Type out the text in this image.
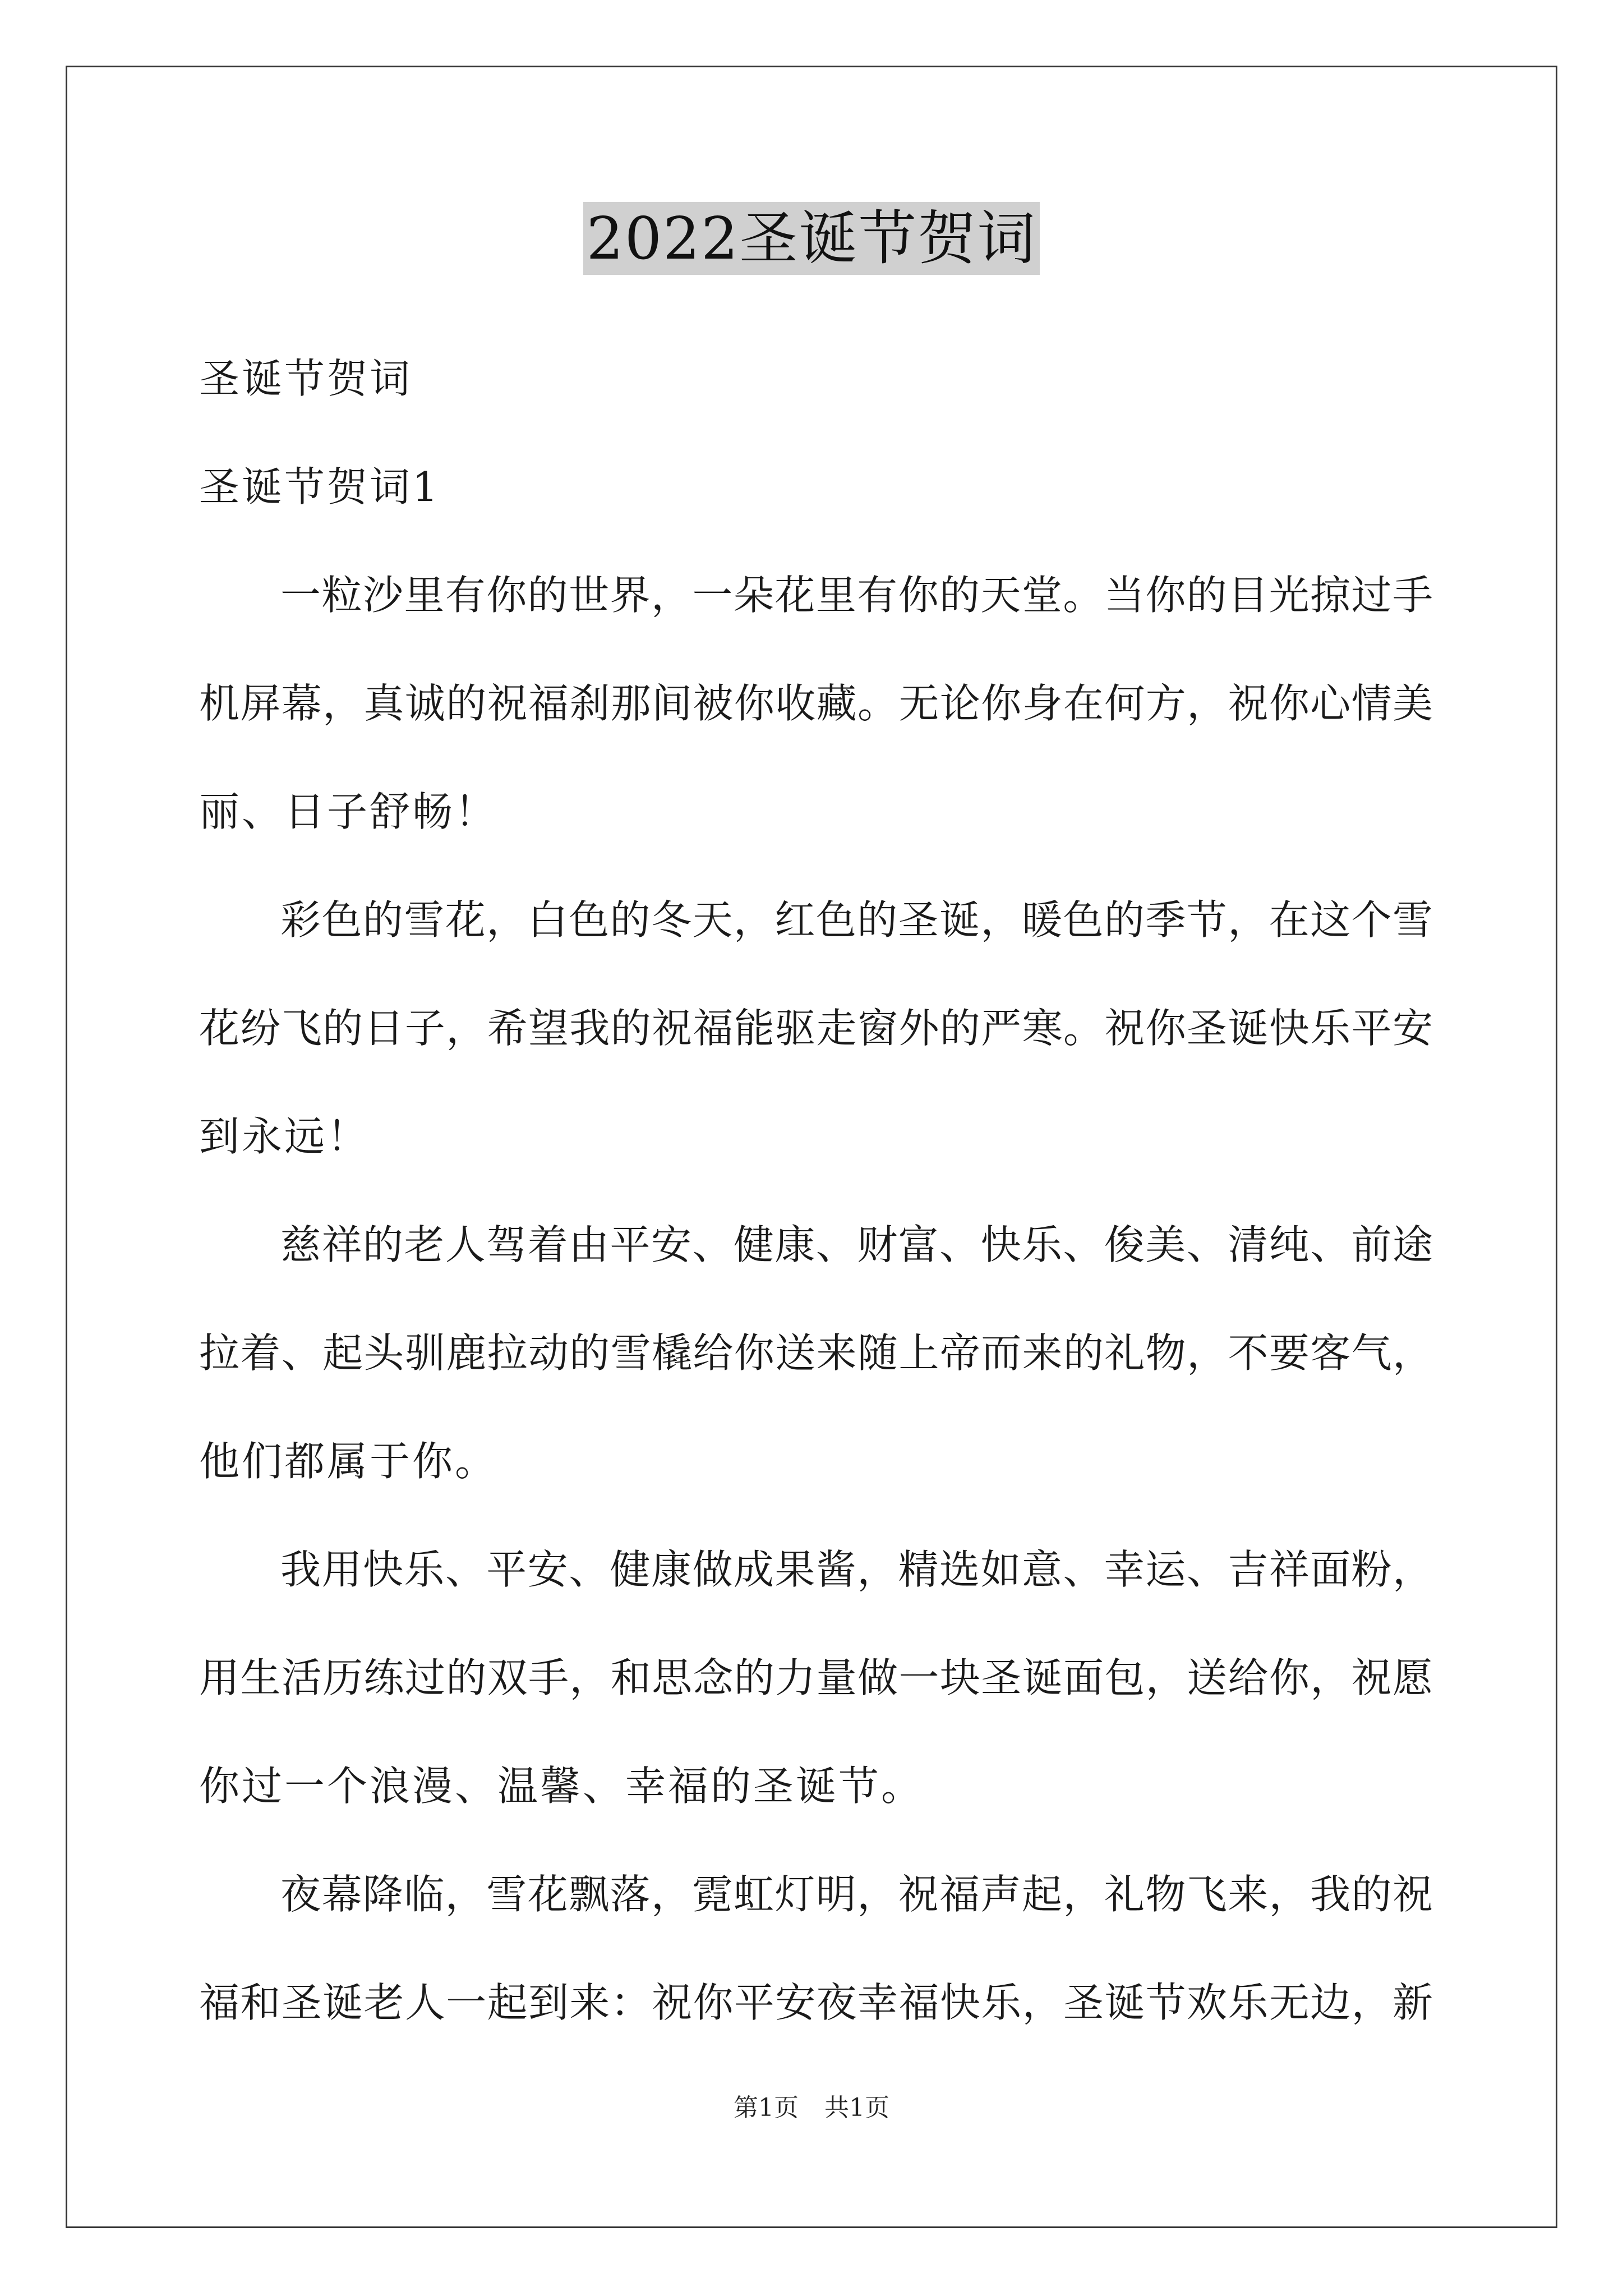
2022圣诞节贺词
圣诞节贺词
圣诞节贺词1
一粒沙里有你的世界，一朵花里有你的天堂。当你的目光掠过手
机屏幕，真诚的祝福刹那间被你收藏。无论你身在何方，祝你心情美
丽、日子舒畅！
彩色的雪花，白色的冬天，红色的圣诞，暖色的季节，在这个雪
花纷飞的日子，希望我的祝福能驱走窗外的严寒。祝你圣诞快乐平安
到永远！
慈祥的老人驾着由平安、健康、财富、快乐、俊美、清纯、前途
拉着、起头驯鹿拉动的雪橇给你送来随上帝而来的礼物，不要客气，
他们都属于你。
我用快乐、平安、健康做成果酱，精选如意、幸运、吉祥面粉，
用生活历练过的双手，和思念的力量做一块圣诞面包，送给你，祝愿
你过一个浪漫、温馨、幸福的圣诞节。
夜幕降临，雪花飘落，霓虹灯明，祝福声起，礼物飞来，我的祝
福和圣诞老人一起到来：祝你平安夜幸福快乐，圣诞节欢乐无边，新
第1页 共1页
